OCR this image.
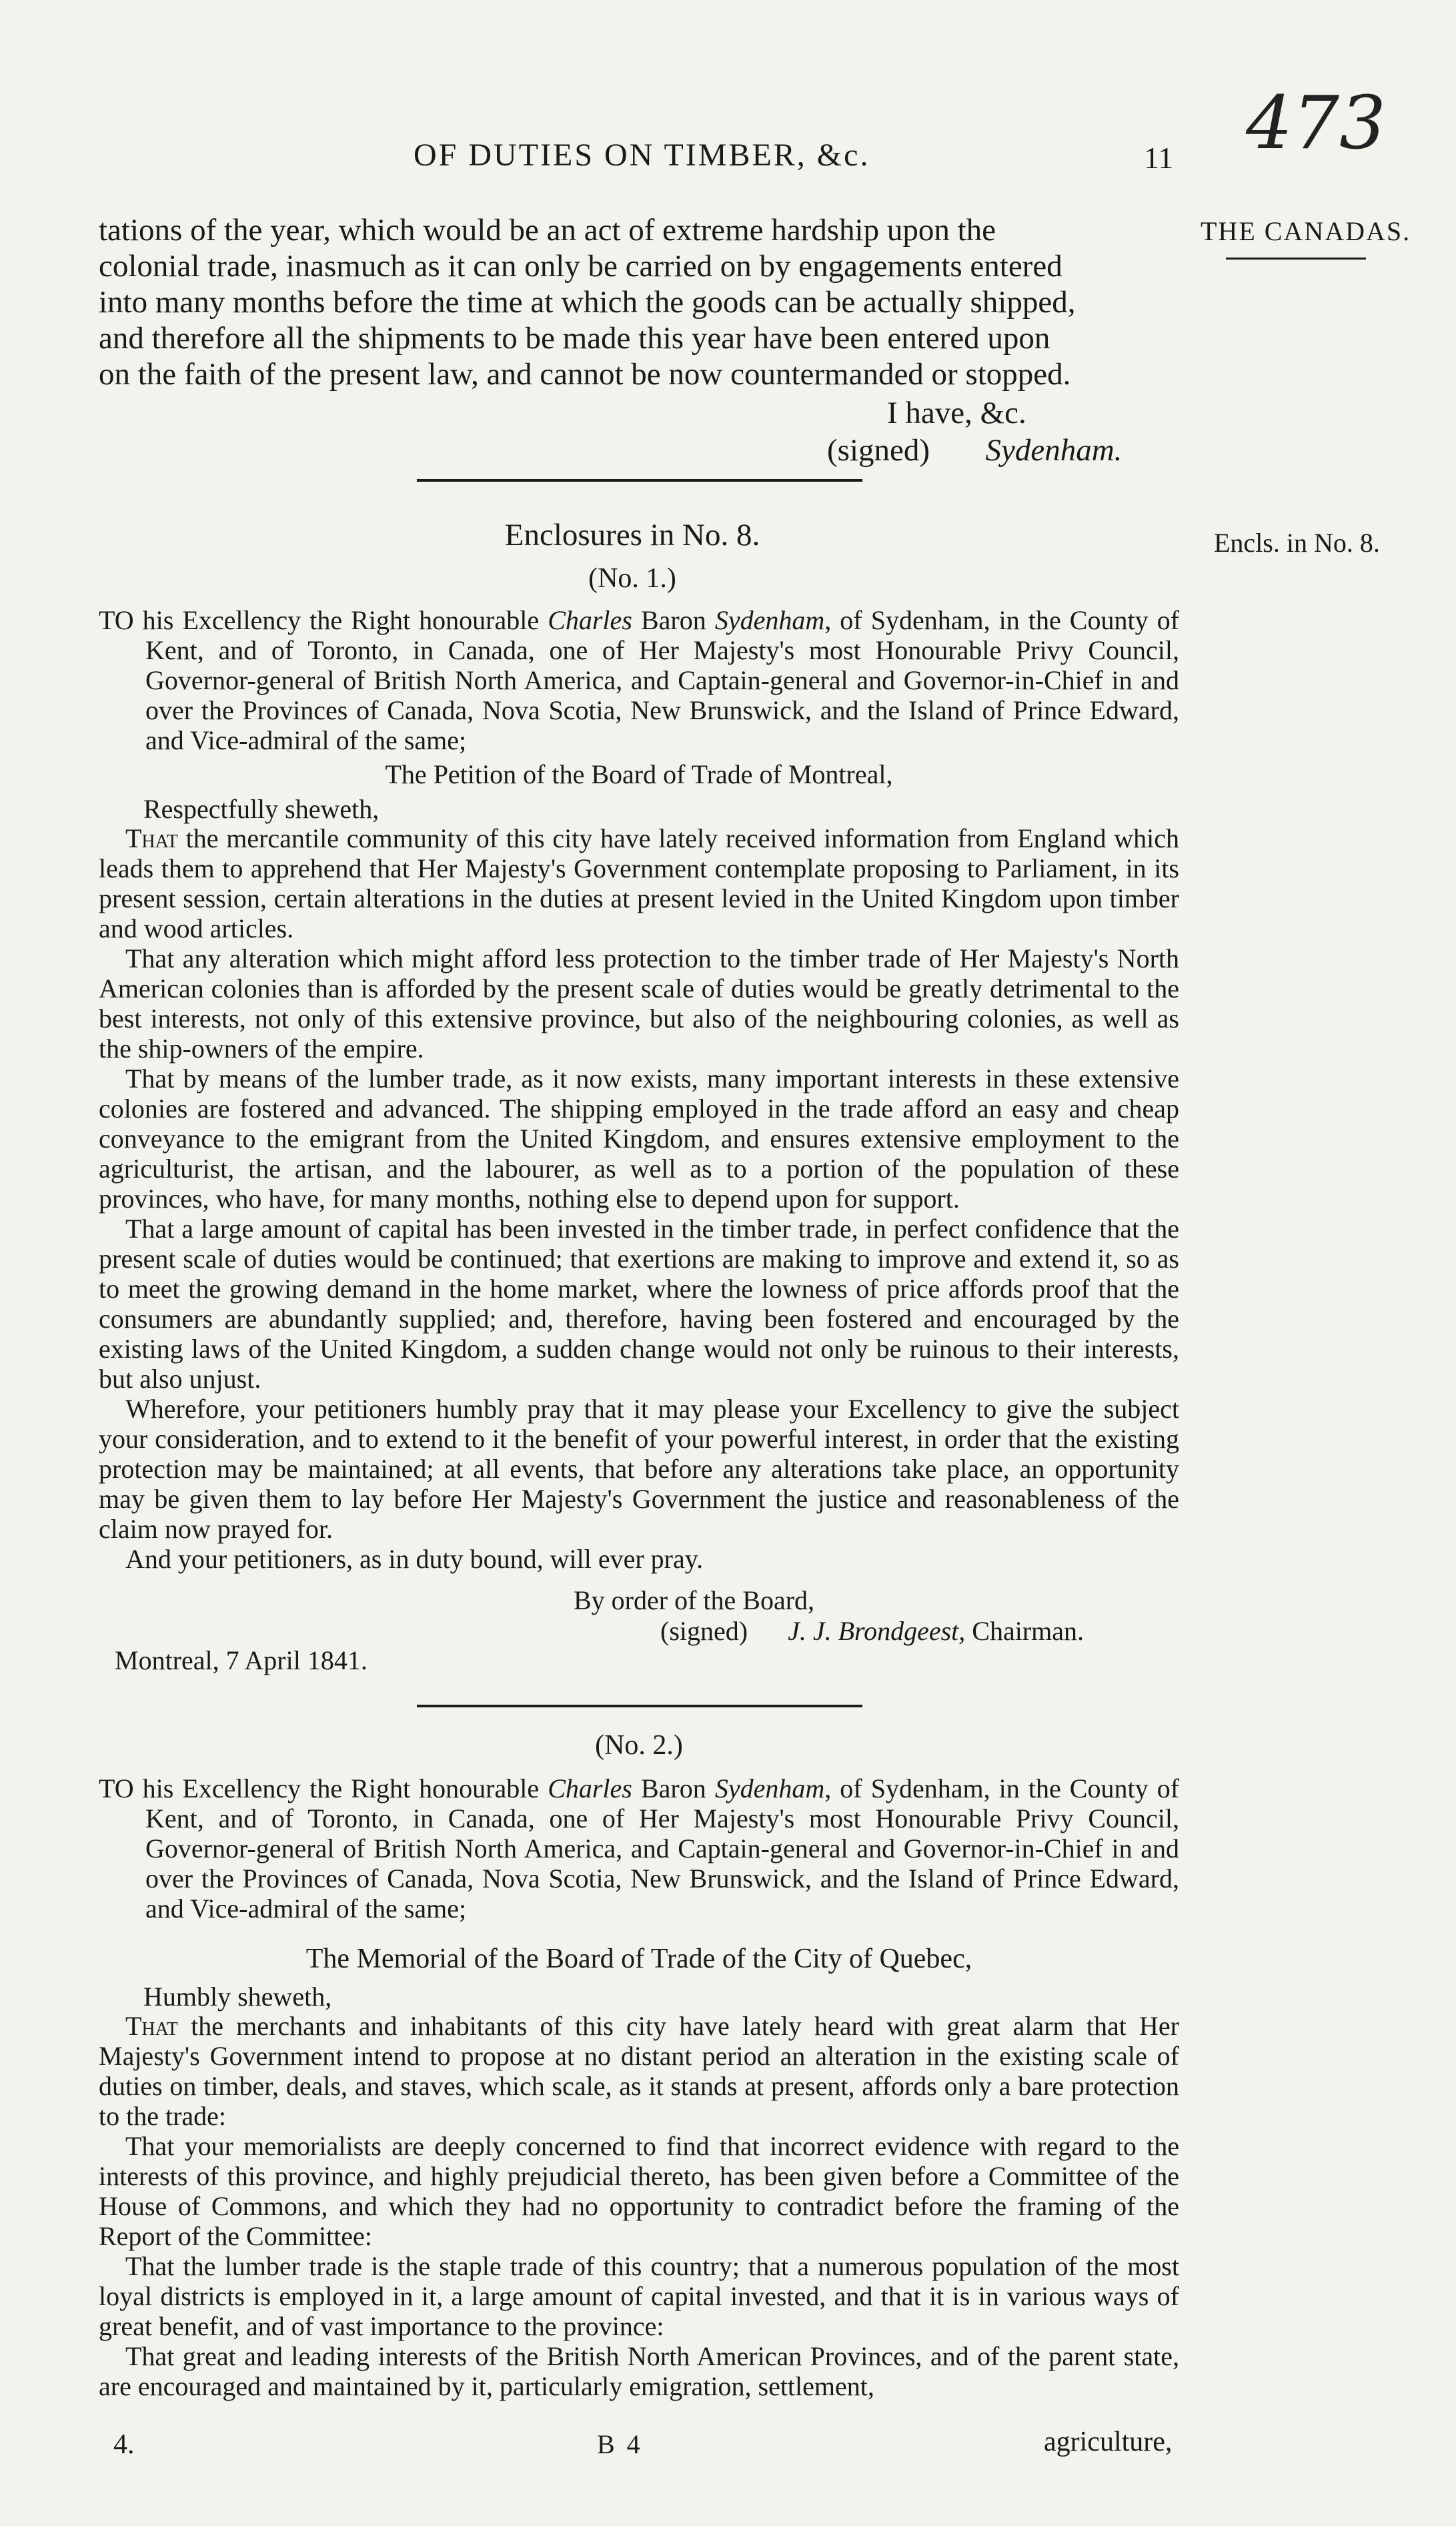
473
OF DUTIES ON TIMBER, &c.	11
THE CANADAS.
Encls. in No. 8.
tations of the year, which would be an act of extreme hardship upon the
colonial trade, inasmuch as it can only be carried on by engagements entered
into many months before the time at which the goods can be actually shipped,
and therefore all the shipments to be made this year have been entered upon
on the faith of the present law, and cannot be now countermanded or stopped.
I have, &c.
(signed) Sydenham.
Enclosures in No. 8.
(No. 1.)

TO his Excellency the Right honourable Charles Baron Sydenham, of Sydenham, in the County of Kent, and of Toronto, in Canada, one of Her Majesty's most Honourable Privy Council, Governor-general of British North America, and Captain-general and Governor-in-Chief in and over the Provinces of Canada, Nova Scotia, New Brunswick, and the Island of Prince Edward, and Vice-admiral of the same;

The Petition of the Board of Trade of Montreal,
Respectfully sheweth,

That the mercantile community of this city have lately received information from England which leads them to apprehend that Her Majesty's Government contemplate proposing to Parliament, in its present session, certain alterations in the duties at present levied in the United Kingdom upon timber and wood articles.

That any alteration which might afford less protection to the timber trade of Her Majesty's North American colonies than is afforded by the present scale of duties would be greatly detrimental to the best interests, not only of this extensive province, but also of the neighbouring colonies, as well as the ship-owners of the empire.

That by means of the lumber trade, as it now exists, many important interests in these extensive colonies are fostered and advanced. The shipping employed in the trade afford an easy and cheap conveyance to the emigrant from the United Kingdom, and ensures extensive employment to the agriculturist, the artisan, and the labourer, as well as to a portion of the population of these provinces, who have, for many months, nothing else to depend upon for support.

That a large amount of capital has been invested in the timber trade, in perfect confidence that the present scale of duties would be continued; that exertions are making to improve and extend it, so as to meet the growing demand in the home market, where the lowness of price affords proof that the consumers are abundantly supplied; and, therefore, having been fostered and encouraged by the existing laws of the United Kingdom, a sudden change would not only be ruinous to their interests, but also unjust.

Wherefore, your petitioners humbly pray that it may please your Excellency to give the subject your consideration, and to extend to it the benefit of your powerful interest, in order that the existing protection may be maintained; at all events, that before any alterations take place, an opportunity may be given them to lay before Her Majesty's Government the justice and reasonableness of the claim now prayed for.

And your petitioners, as in duty bound, will ever pray.

By order of the Board,
(signed) J. J. Brondgeest, Chairman.
Montreal, 7 April 1841.
(No. 2.)

TO his Excellency the Right honourable Charles Baron Sydenham, of Sydenham, in the County of Kent, and of Toronto, in Canada, one of Her Majesty's most Honourable Privy Council, Governor-general of British North America, and Captain-general and Governor-in-Chief in and over the Provinces of Canada, Nova Scotia, New Brunswick, and the Island of Prince Edward, and Vice-admiral of the same;

The Memorial of the Board of Trade of the City of Quebec,
Humbly sheweth,

That the merchants and inhabitants of this city have lately heard with great alarm that Her Majesty's Government intend to propose at no distant period an alteration in the existing scale of duties on timber, deals, and staves, which scale, as it stands at present, affords only a bare protection to the trade:

That your memorialists are deeply concerned to find that incorrect evidence with regard to the interests of this province, and highly prejudicial thereto, has been given before a Committee of the House of Commons, and which they had no opportunity to contradict before the framing of the Report of the Committee:

That the lumber trade is the staple trade of this country; that a numerous population of the most loyal districts is employed in it, a large amount of capital invested, and that it is in various ways of great benefit, and of vast importance to the province:

That great and leading interests of the British North American Provinces, and of the parent state, are encouraged and maintained by it, particularly emigration, settlement,

4.	B 4	agriculture,
